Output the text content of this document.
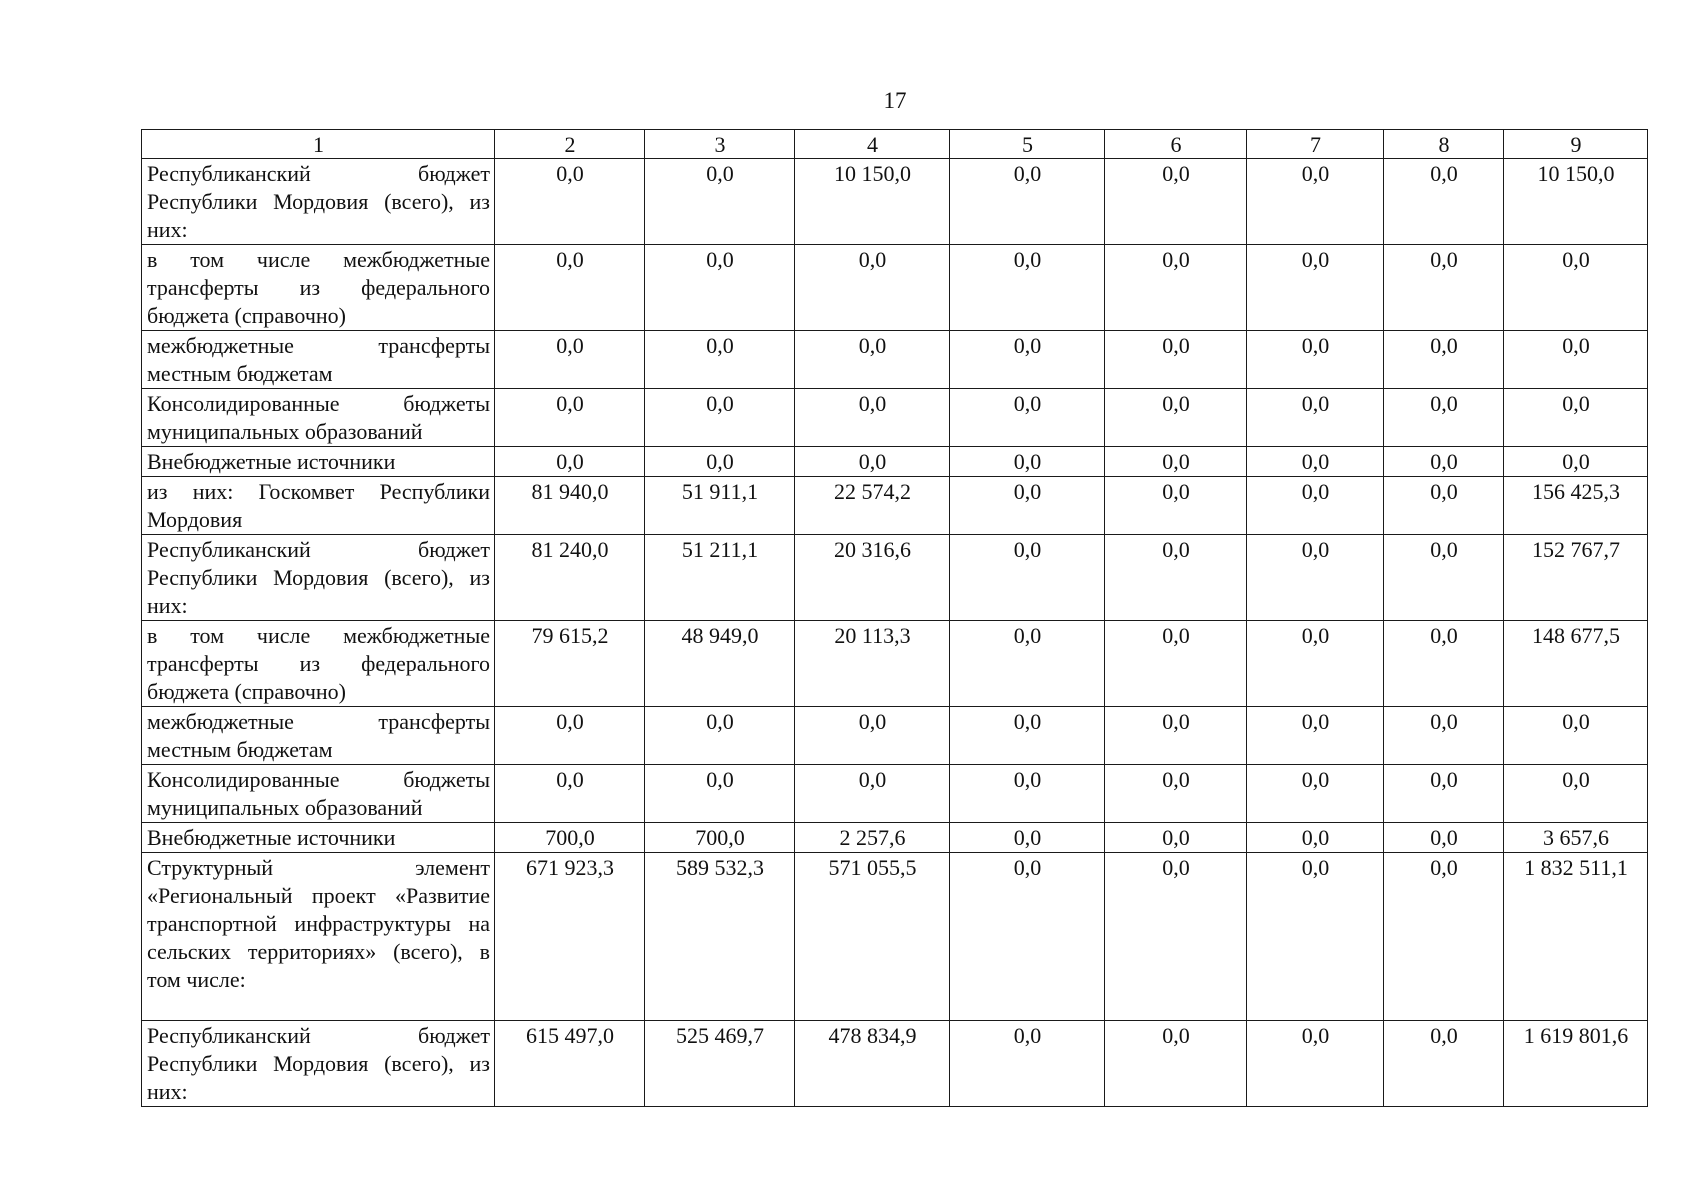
17
1	2	3	4	5	6	7	8	9
Республиканский бюджет Республики Мордовия (всего), из них:	0,0	0,0	10 150,0	0,0	0,0	0,0	0,0	10 150,0
в том числе межбюджетные трансферты из федерального бюджета (справочно)	0,0	0,0	0,0	0,0	0,0	0,0	0,0	0,0
межбюджетные трансферты местным бюджетам	0,0	0,0	0,0	0,0	0,0	0,0	0,0	0,0
Консолидированные бюджеты муниципальных образований	0,0	0,0	0,0	0,0	0,0	0,0	0,0	0,0
Внебюджетные источники	0,0	0,0	0,0	0,0	0,0	0,0	0,0	0,0
из них: Госкомвет Республики Мордовия	81 940,0	51 911,1	22 574,2	0,0	0,0	0,0	0,0	156 425,3
Республиканский бюджет Республики Мордовия (всего), из них:	81 240,0	51 211,1	20 316,6	0,0	0,0	0,0	0,0	152 767,7
в том числе межбюджетные трансферты из федерального бюджета (справочно)	79 615,2	48 949,0	20 113,3	0,0	0,0	0,0	0,0	148 677,5
межбюджетные трансферты местным бюджетам	0,0	0,0	0,0	0,0	0,0	0,0	0,0	0,0
Консолидированные бюджеты муниципальных образований	0,0	0,0	0,0	0,0	0,0	0,0	0,0	0,0
Внебюджетные источники	700,0	700,0	2 257,6	0,0	0,0	0,0	0,0	3 657,6
Структурный элемент «Региональный проект «Развитие транспортной инфраструктуры на сельских территориях» (всего), в том числе:	671 923,3	589 532,3	571 055,5	0,0	0,0	0,0	0,0	1 832 511,1
Республиканский бюджет Республики Мордовия (всего), из них:	615 497,0	525 469,7	478 834,9	0,0	0,0	0,0	0,0	1 619 801,6
